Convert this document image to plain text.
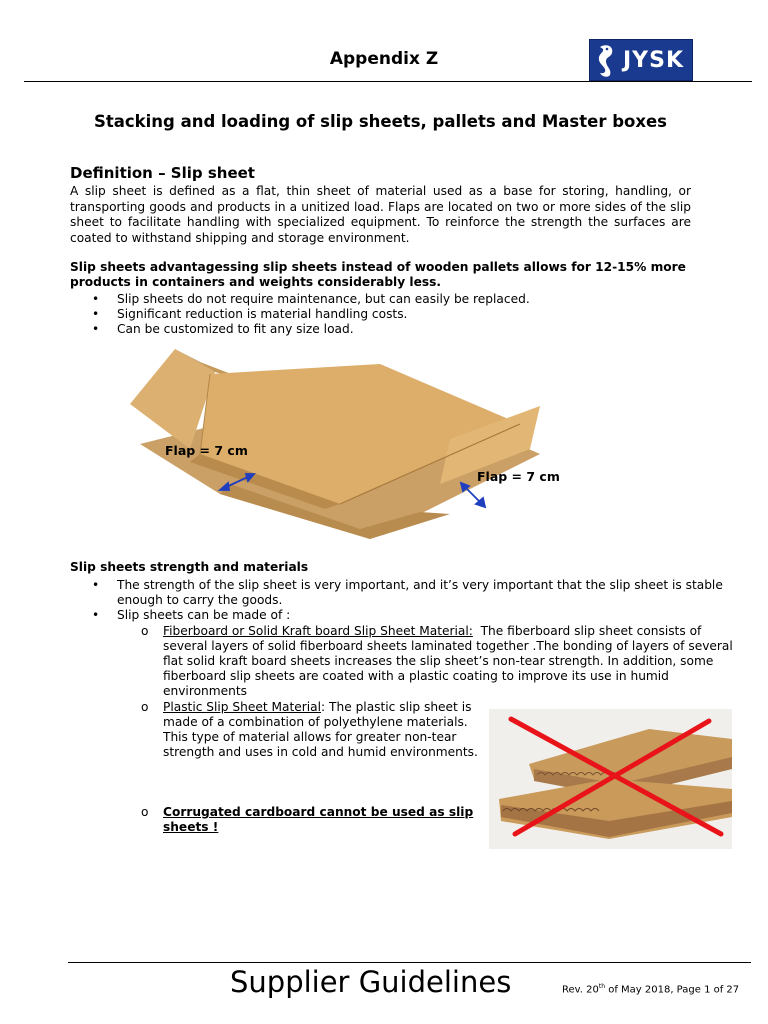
Appendix Z	JYSK
Stacking and loading of slip sheets, pallets and Master boxes
Definition – Slip sheet
A slip sheet is defined as a flat, thin sheet of material used as a base for storing, handling, or transporting goods and products in a unitized load. Flaps are located on two or more sides of the slip sheet to facilitate handling with specialized equipment. To reinforce the strength the surfaces are coated to withstand shipping and storage environment.
Slip sheets advantagessing slip sheets instead of wooden pallets allows for 12-15% more products in containers and weights considerably less.
• Slip sheets do not require maintenance, but can easily be replaced.
• Significant reduction is material handling costs.
• Can be customized to fit any size load.
Flap = 7 cm
Flap = 7 cm
Slip sheets strength and materials
• The strength of the slip sheet is very important, and it’s very important that the slip sheet is stable enough to carry the goods.
• Slip sheets can be made of :
o Fiberboard or Solid Kraft board Slip Sheet Material: The fiberboard slip sheet consists of several layers of solid fiberboard sheets laminated together .The bonding of layers of several flat solid kraft board sheets increases the slip sheet’s non-tear strength. In addition, some fiberboard slip sheets are coated with a plastic coating to improve its use in humid environments
o Plastic Slip Sheet Material: The plastic slip sheet is made of a combination of polyethylene materials. This type of material allows for greater non-tear strength and uses in cold and humid environments.
o Corrugated cardboard cannot be used as slip sheets !
Supplier Guidelines	Rev. 20th of May 2018, Page 1 of 27
